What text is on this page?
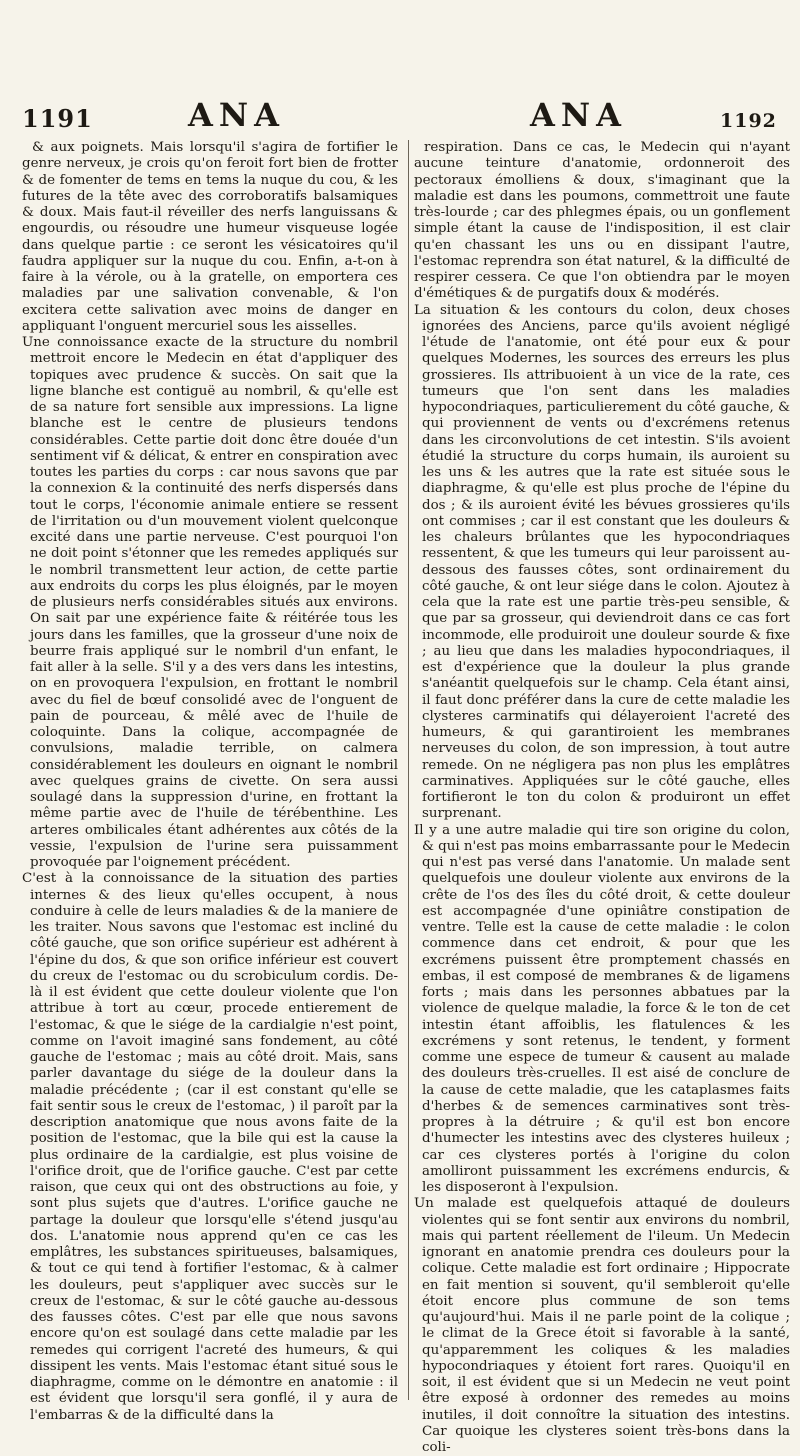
1191	ANA	ANA	1192

& aux poignets. Mais lorsqu'il s'agira de fortifier le genre nerveux, je crois qu'on feroit fort bien de frotter & de fomenter de tems en tems la nuque du cou, & les futures de la tête avec des corroboratifs balsamiques & doux. Mais faut-il réveiller des nerfs languissans & engourdis, ou résoudre une humeur visqueuse logée dans quelque partie : ce seront les vésicatoires qu'il faudra appliquer sur la nuque du cou. Enfin, a-t-on à faire à la vérole, ou à la gratelle, on emportera ces maladies par une salivation convenable, & l'on excitera cette salivation avec moins de danger en appliquant l'onguent mercuriel sous les aisselles.

Une connoissance exacte de la structure du nombril mettroit encore le Medecin en état d'appliquer des topiques avec prudence & succès. On sait que la ligne blanche est contiguë au nombril, & qu'elle est de sa nature fort sensible aux impressions. La ligne blanche est le centre de plusieurs tendons considérables. Cette partie doit donc être douée d'un sentiment vif & délicat, & entrer en conspiration avec toutes les parties du corps : car nous savons que par la connexion & la continuité des nerfs dispersés dans tout le corps, l'économie animale entiere se ressent de l'irritation ou d'un mouvement violent quelconque excité dans une partie nerveuse. C'est pourquoi l'on ne doit point s'étonner que les remedes appliqués sur le nombril transmettent leur action, de cette partie aux endroits du corps les plus éloignés, par le moyen de plusieurs nerfs considérables situés aux environs. On sait par une expérience faite & réitérée tous les jours dans les familles, que la grosseur d'une noix de beurre frais appliqué sur le nombril d'un enfant, le fait aller à la selle. S'il y a des vers dans les intestins, on en provoquera l'expulsion, en frottant le nombril avec du fiel de bœuf consolidé avec de l'onguent de pain de pourceau, & mêlé avec de l'huile de coloquinte. Dans la colique, accompagnée de convulsions, maladie terrible, on calmera considérablement les douleurs en oignant le nombril avec quelques grains de civette. On sera aussi soulagé dans la suppression d'urine, en frottant la même partie avec de l'huile de térébenthine. Les arteres ombilicales étant adhérentes aux côtés de la vessie, l'expulsion de l'urine sera puissamment provoquée par l'oignement précédent.

C'est à la connoissance de la situation des parties internes & des lieux qu'elles occupent, à nous conduire à celle de leurs maladies & de la maniere de les traiter. Nous savons que l'estomac est incliné du côté gauche, que son orifice supérieur est adhérent à l'épine du dos, & que son orifice inférieur est couvert du creux de l'estomac ou du scrobiculum cordis. De-là il est évident que cette douleur violente que l'on attribue à tort au cœur, procede entierement de l'estomac, & que le siége de la cardialgie n'est point, comme on l'avoit imaginé sans fondement, au côté gauche de l'estomac ; mais au côté droit. Mais, sans parler davantage du siége de la douleur dans la maladie précédente ; (car il est constant qu'elle se fait sentir sous le creux de l'estomac, ) il paroît par la description anatomique que nous avons faite de la position de l'estomac, que la bile qui est la cause la plus ordinaire de la cardialgie, est plus voisine de l'orifice droit, que de l'orifice gauche. C'est par cette raison, que ceux qui ont des obstructions au foie, y sont plus sujets que d'autres. L'orifice gauche ne partage la douleur que lorsqu'elle s'étend jusqu'au dos. L'anatomie nous apprend qu'en ce cas les emplâtres, les substances spiritueuses, balsamiques, & tout ce qui tend à fortifier l'estomac, & à calmer les douleurs, peut s'appliquer avec succès sur le creux de l'estomac, & sur le côté gauche au-dessous des fausses côtes. C'est par elle que nous savons encore qu'on est soulagé dans cette maladie par les remedes qui corrigent l'acreté des humeurs, & qui dissipent les vents. Mais l'estomac étant situé sous le diaphragme, comme on le démontre en anatomie : il est évident que lorsqu'il sera gonflé, il y aura de l'embarras & de la difficulté dans la

respiration. Dans ce cas, le Medecin qui n'ayant aucune teinture d'anatomie, ordonneroit des pectoraux émolliens & doux, s'imaginant que la maladie est dans les poumons, commettroit une faute très-lourde ; car des phlegmes épais, ou un gonflement simple étant la cause de l'indisposition, il est clair qu'en chassant les uns ou en dissipant l'autre, l'estomac reprendra son état naturel, & la difficulté de respirer cessera. Ce que l'on obtiendra par le moyen d'émétiques & de purgatifs doux & modérés.

La situation & les contours du colon, deux choses ignorées des Anciens, parce qu'ils avoient négligé l'étude de l'anatomie, ont été pour eux & pour quelques Modernes, les sources des erreurs les plus grossieres. Ils attribuoient à un vice de la rate, ces tumeurs que l'on sent dans les maladies hypocondriaques, particulierement du côté gauche, & qui proviennent de vents ou d'excrémens retenus dans les circonvolutions de cet intestin. S'ils avoient étudié la structure du corps humain, ils auroient su les uns & les autres que la rate est située sous le diaphragme, & qu'elle est plus proche de l'épine du dos ; & ils auroient évité les bévues grossieres qu'ils ont commises ; car il est constant que les douleurs & les chaleurs brûlantes que les hypocondriaques ressentent, & que les tumeurs qui leur paroissent au-dessous des fausses côtes, sont ordinairement du côté gauche, & ont leur siége dans le colon. Ajoutez à cela que la rate est une partie très-peu sensible, & que par sa grosseur, qui deviendroit dans ce cas fort incommode, elle produiroit une douleur sourde & fixe ; au lieu que dans les maladies hypocondriaques, il est d'expérience que la douleur la plus grande s'anéantit quelquefois sur le champ. Cela étant ainsi, il faut donc préférer dans la cure de cette maladie les clysteres carminatifs qui délayeroient l'acreté des humeurs, & qui garantiroient les membranes nerveuses du colon, de son impression, à tout autre remede. On ne négligera pas non plus les emplâtres carminatives. Appliquées sur le côté gauche, elles fortifieront le ton du colon & produiront un effet surprenant.

Il y a une autre maladie qui tire son origine du colon, & qui n'est pas moins embarrassante pour le Medecin qui n'est pas versé dans l'anatomie. Un malade sent quelquefois une douleur violente aux environs de la crête de l'os des îles du côté droit, & cette douleur est accompagnée d'une opiniâtre constipation de ventre. Telle est la cause de cette maladie : le colon commence dans cet endroit, & pour que les excrémens puissent être promptement chassés en embas, il est composé de membranes & de ligamens forts ; mais dans les personnes abbatues par la violence de quelque maladie, la force & le ton de cet intestin étant affoiblis, les flatulences & les excrémens y sont retenus, le tendent, y forment comme une espece de tumeur & causent au malade des douleurs très-cruelles. Il est aisé de conclure de la cause de cette maladie, que les cataplasmes faits d'herbes & de semences carminatives sont très-propres à la détruire ; & qu'il est bon encore d'humecter les intestins avec des clysteres huileux ; car ces clysteres portés à l'origine du colon amolliront puissamment les excrémens endurcis, & les disposeront à l'expulsion.

Un malade est quelquefois attaqué de douleurs violentes qui se font sentir aux environs du nombril, mais qui partent réellement de l'ileum. Un Medecin ignorant en anatomie prendra ces douleurs pour la colique. Cette maladie est fort ordinaire ; Hippocrate en fait mention si souvent, qu'il sembleroit qu'elle étoit encore plus commune de son tems qu'aujourd'hui. Mais il ne parle point de la colique ; le climat de la Grece étoit si favorable à la santé, qu'apparemment les coliques & les maladies hypocondriaques y étoient fort rares. Quoiqu'il en soit, il est évident que si un Medecin ne veut point être exposé à ordonner des remedes au moins inutiles, il doit connoître la situation des intestins. Car quoique les clysteres soient très-bons dans la coli-
